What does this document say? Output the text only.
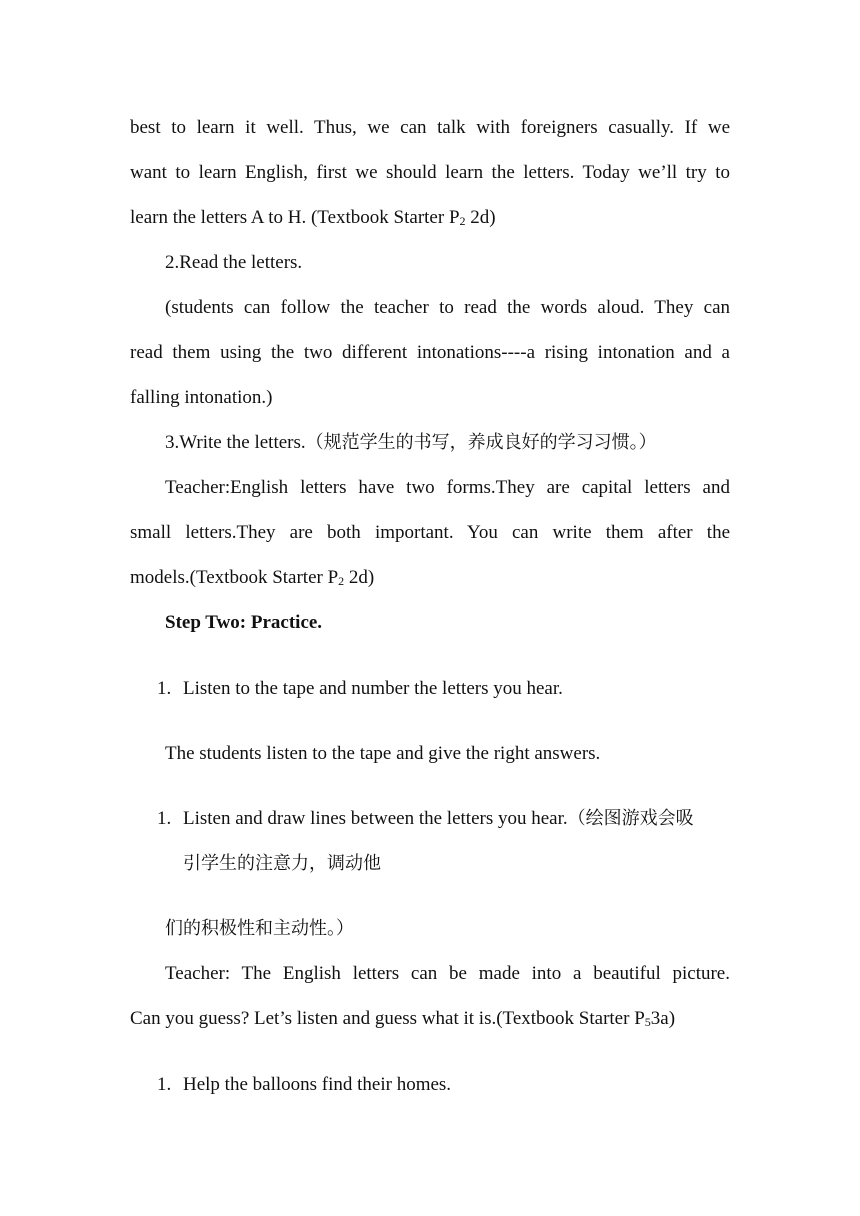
best to learn it well. Thus, we can talk with foreigners casually. If we
want to learn English, first we should learn the letters. Today we’ll try to
learn the letters A to H. (Textbook Starter $P_2$ 2d)
2.Read the letters.
(students can follow the teacher to read the words aloud. They can
read them using the two different intonations----a rising intonation and a
falling intonation.)
3.Write the letters.（规范学生的书写，养成良好的学习习惯。）
Teacher:English letters have two forms.They are capital letters and
small letters.They are both important. You can write them after the
models.(Textbook Starter $P_2$ 2d)
Step Two: Practice.
1. Listen to the tape and number the letters you hear.
The students listen to the tape and give the right answers.
1. Listen and draw lines between the letters you hear.（绘图游戏会吸
引学生的注意力，调动他
们的积极性和主动性。）
Teacher: The English letters can be made into a beautiful picture.
Can you guess? Let’s listen and guess what it is.(Textbook Starter $P_53a$)
1. Help the balloons find their homes.
